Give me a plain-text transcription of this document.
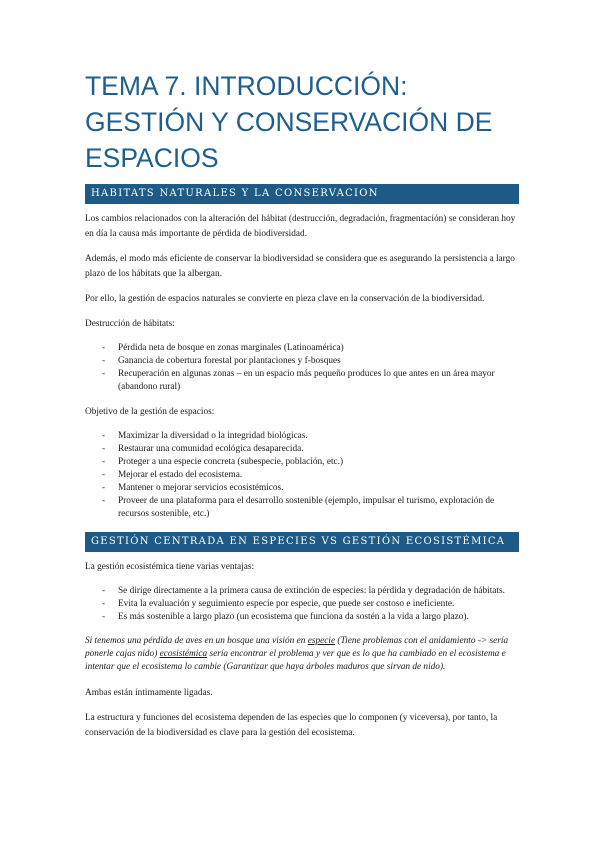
TEMA 7. INTRODUCCIÓN:
GESTIÓN Y CONSERVACIÓN DE
ESPACIOS
HABITATS NATURALES Y LA CONSERVACION

Los cambios relacionados con la alteración del hábitat (destrucción, degradación, fragmentación) se consideran hoy en día la causa más importante de pérdida de biodiversidad.

Además, el modo más eficiente de conservar la biodiversidad se considera que es asegurando la persistencia a largo plazo de los hábitats que la albergan.

Por ello, la gestión de espacios naturales se convierte en pieza clave en la conservación de la biodiversidad.

Destrucción de hábitats:

- Pérdida neta de bosque en zonas marginales (Latinoamérica)
- Ganancia de cobertura forestal por plantaciones y f-bosques
- Recuperación en algunas zonas – en un espacio más pequeño produces lo que antes en un área mayor (abandono rural)

Objetivo de la gestión de espacios:

- Maximizar la diversidad o la integridad biológicas.
- Restaurar una comunidad ecológica desaparecida.
- Proteger a una especie concreta (subespecie, población, etc.)
- Mejorar el estado del ecosistema.
- Mantener o mejorar servicios ecosistémicos.
- Proveer de una plataforma para el desarrollo sostenible (ejemplo, impulsar el turismo, explotación de recursos sostenible, etc.)
GESTIÓN CENTRADA EN ESPECIES VS GESTIÓN ECOSISTÉMICA

La gestión ecosistémica tiene varias ventajas:

- Se dirige directamente a la primera causa de extinción de especies: la pérdida y degradación de hábitats.
- Evita la evaluación y seguimiento especie por especie, que puede ser costoso e ineficiente.
- Es más sostenible a largo plazo (un ecosistema que funciona da sostén a la vida a largo plazo).

Si tenemos una pérdida de aves en un bosque una visión en especie (Tiene problemas con el anidamiento -> sería ponerle cajas nido) ecosistémica sería encontrar el problema y ver que es lo que ha cambiado en el ecosistema e intentar que el ecosistema lo cambie (Garantizar que haya árboles maduros que sirvan de nido).

Ambas están íntimamente ligadas.

La estructura y funciones del ecosistema dependen de las especies que lo componen (y viceversa), por tanto, la conservación de la biodiversidad es clave para la gestión del ecosistema.
